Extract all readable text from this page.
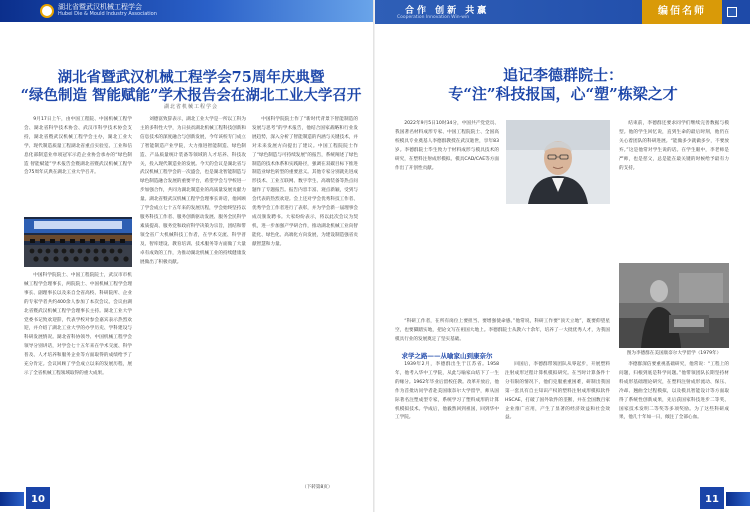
湖北省暨武汉机械工程学会
Hubei Die & Mould Industry Association
湖北省暨武汉机械工程学会75周年庆典暨
“绿色制造 智能赋能”学术报告会在湖北工业大学召开
湖北省机械工程学会

9月17日上午，由中国工程院、中国机械工程学会、湖北省科学技术协会、武汉市科学技术协会支持，湖北省暨武汉机械工程学会主办，湖北工业大学、现代制造质量工程湖北省重点实验室、工业和信息化部制造业单项冠军示范企业协会承办的“绿色制造 智能赋能”学术报告会暨湖北省暨武汉机械工程学会75周年庆典在湖北工业大学召开。

中国科学院院士、中国工程院院士，武汉市市机械工程学会理事长，两院院士、中国机械工程学会理事长、副理事长以及来自全省高校、科研院所、企业的专家学者共约400余人参加了本次会议。会议由湖北省暨武汉机械工程学会理事长主持。湖北工业大学党委书记致欢迎辞，代表学校对参会嘉宾表示热烈欢迎，并介绍了湖北工业大学的办学历史、学科建设与科研发展情况。湖北省科协领导、中国机械工程学会领导分别讲话，对学会七十五年来在学术交流、科学普及、人才培养和服务企业等方面取得的成绩给予了充分肯定。会议回顾了学会成立以来的发展历程，展示了全省机械工程领域取得的重大成果。

刘德富致辞表示，湖北工业大学是一所以工科为主的多科性大学，为日扶贫湖北机械工程科技创新和信息技术的深度融合与创新发展，今年该校专门成立了智能制造产业学院，大力推进智能制造、绿色制造、产品质量统计装备等领域的人才培养、科技攻关，投入现代制造业的发展。今天的会议是湖北省与武汉机械工程学会的一次盛会，也是湖北智能制造与绿色制造融合发展的重要平台，希望学会与学校进一步加强合作，共同为湖北制造业的高质量发展贡献力量。湖北省暨武汉机械工程学会理事长讲话，他回顾了学会成立七十五年来的发展历程，学会始终坚持以服务科技工作者、服务创新驱动发展、服务全民科学素质提高、服务党和政府科学决策为宗旨，团结和带领全省广大机械科技工作者，在学术交流、科学普及、智库建设、教育培训、技术服务等方面做了大量卓有成效的工作，为推动湖北机械工业的持续健康发展做出了积极贡献。

中国科学院院士作了“新时代背景下智能制造的发展与思考”的学术报告，他结合国家战略和行业发展趋势，深入分析了智能制造的内涵与关键技术，并对未来发展方向提出了建议。中国工程院院士作了“绿色制造与可持续发展”的报告，系统阐述了绿色制造的技术体系和实践路径，强调在双碳目标下推进制造业绿色转型的重要意义。其他专家分别就先进成形技术、工业互联网、数字孪生、高端装备等热点问题作了专题报告。报告内容丰富、观点新颖，受到与会代表的热烈欢迎。会上还对学会优秀科技工作者、优秀学会工作者进行了表彰，并为学会新一届理事会成员颁发聘书。大家纷纷表示，将以此次会议为契机，进一步加强产学研合作，推动湖北机械工业向智能化、绿色化、高端化方向发展，为建设制造强省贡献智慧和力量。

（下转第8页）
10
合作 创新 共赢
Cooperation Innovation Win-win
编佰名师
追记李德群院士：
专“注”科技报国，心“塑”栋梁之才

2022年9月5日10时34分，中国共产党党员、我国著名材料成形专家、中国工程院院士、全国高校模具专业奠基人李德群教授在武汉逝世，享年83岁。李德群院士毕生致力于材料成形与模具技术的研究，在塑料注射成形模拟、模具CAD/CAE等方面作出了开创性贡献。

“科研工作者，在所有岗位上要担当、要增强使命感。”他常说，科研工作要“顶天立地”，既要仰望星空，也要脚踏实地，把论文写在祖国大地上。李德群院士从教六十余年，培养了一大批优秀人才，为我国模具行业的发展奠定了坚实基础。

结束前，李德群还要求同学们继续完善数据与模型。他的学生回忆说，直到生命的最后时刻，他仍在关心着团队的科研进展。“能做多少就做多少，不要放弃。”这是他常对学生说的话。在学生眼中，李老师是严师，也是慈父，总是能在最关键的时候给予最有力的支持。

图为李德群在美国康奈尔大学留学（1979年）
求学之路——从喻家山到康奈尔

1939年2月，李德群出生于江苏省。1958年，他考入华中工学院，从此与喻家山结下了一生的缘分。1962年毕业后留校任教。改革开放后，他作为首批访问学者赴美国康奈尔大学留学，师从国际著名注塑成型专家，系统学习了塑料成形的计算机模拟技术。学成后，他毅然回到祖国，回到华中工学院。

回国后，李德群带领团队从零起步，开展塑料注射成形过程计算机模拟研究。在当时计算条件十分有限的情况下，他们克服重重困难，研制出我国第一套具有自主知识产权的塑料注射成形模拟软件HSCAE，打破了国外软件的垄断，并在全国数百家企业推广应用，产生了显著的经济效益和社会效益。

李德群深信要重视基础研究，他常说：“工程上的问题，归根到底是科学问题。”他带领团队长期坚持材料成形基础理论研究，在塑料注射成形流动、保压、冷却、翘曲全过程模拟，以及模具智能设计等方面取得了系统性创新成果，先后获国家科技进步二等奖、国家技术发明二等奖等多项奖励。为了这些科研成果，他几十年如一日，倾注了全部心血。

11
